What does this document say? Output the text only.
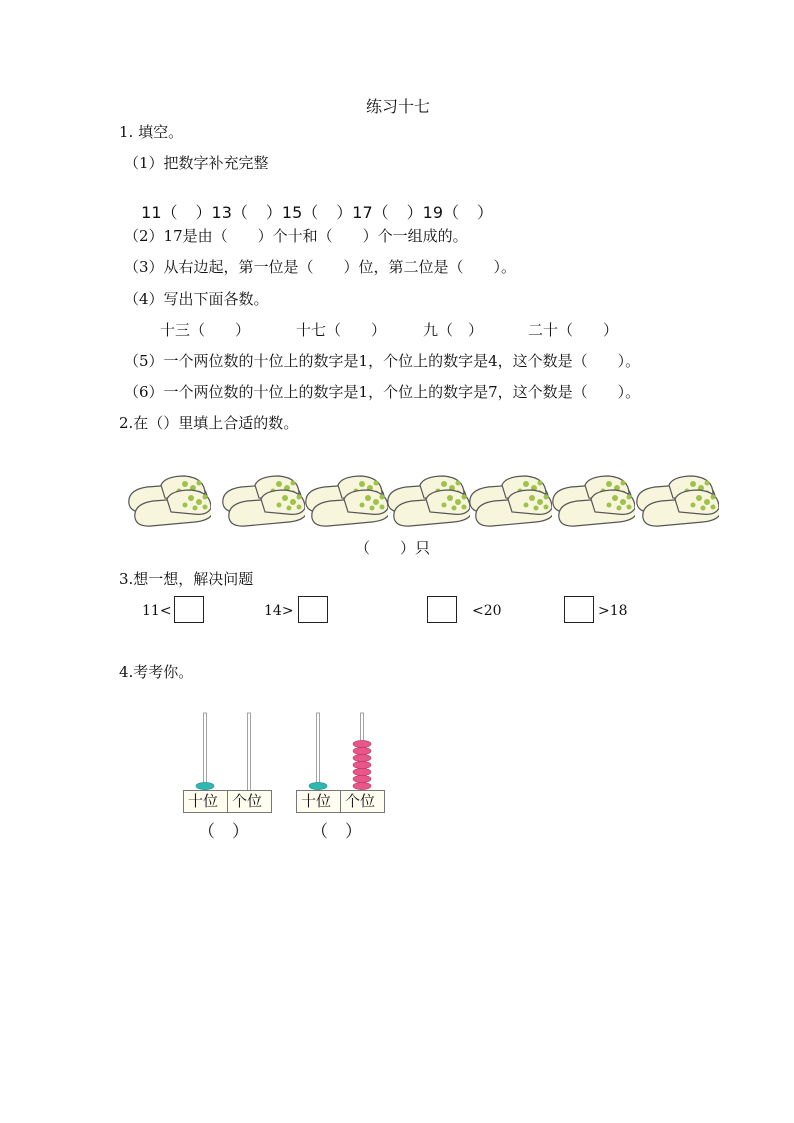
练习十七
1. 填空。
（1）把数字补充完整

11（ ）13（ ）15（ ）17（ ）19（ ）

（2）17是由（　　）个十和（　　）个一组成的。
（3）从右边起，第一位是（　　）位，第二位是（　　）。
（4）写出下面各数。
十三（　　）	十七（　　） 九（　）	二十（　　）
（5）一个两位数的十位上的数字是1，个位上的数字是4，这个数是（　　）。
（6）一个两位数的十位上的数字是1，个位上的数字是7，这个数是（　　）。
2.在（）里填上合适的数。
（　　）只
3.想一想，解决问题
11<	14>	<20	>18
4.考考你。
十位 个位	十位 个位
（　）	（　）
